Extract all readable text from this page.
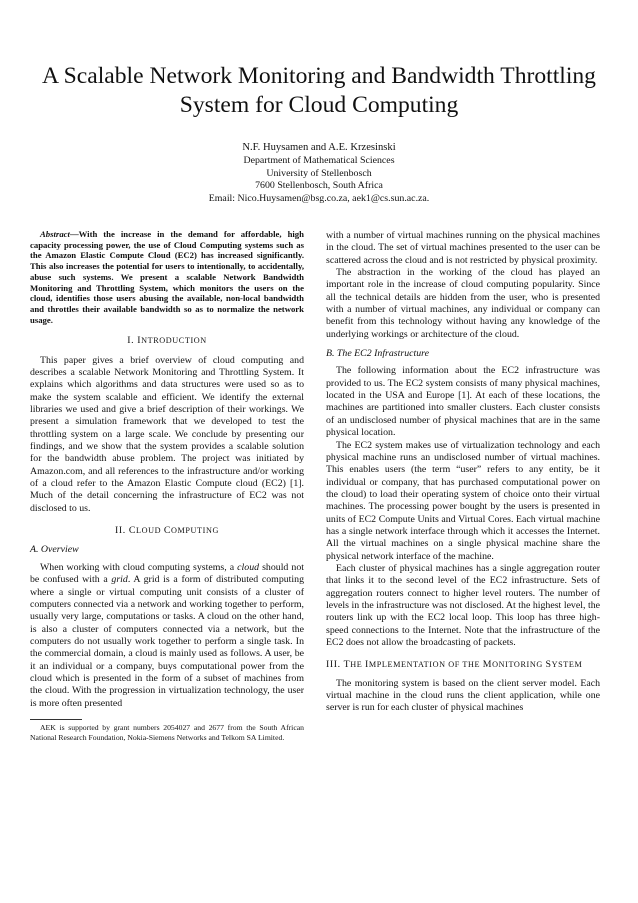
A Scalable Network Monitoring and Bandwidth Throttling System for Cloud Computing
N.F. Huysamen and A.E. Krzesinski
Department of Mathematical Sciences
University of Stellenbosch
7600 Stellenbosch, South Africa
Email: Nico.Huysamen@bsg.co.za, aek1@cs.sun.ac.za.

Abstract—With the increase in the demand for affordable, high capacity processing power, the use of Cloud Computing systems such as the Amazon Elastic Compute Cloud (EC2) has increased significantly. This also increases the potential for users to intentionally, to accidentally, abuse such systems. We present a scalable Network Bandwidth Monitoring and Throttling System, which monitors the users on the cloud, identifies those users abusing the available, non-local bandwidth and throttles their available bandwidth so as to normalize the network usage.

I. INTRODUCTION

This paper gives a brief overview of cloud computing and describes a scalable Network Monitoring and Throttling System. It explains which algorithms and data structures were used so as to make the system scalable and efficient. We identify the external libraries we used and give a brief description of their workings. We present a simulation framework that we developed to test the throttling system on a large scale. We conclude by presenting our findings, and we show that the system provides a scalable solution for the bandwidth abuse problem. The project was initiated by Amazon.com, and all references to the infrastructure and/or working of a cloud refer to the Amazon Elastic Compute cloud (EC2) [1]. Much of the detail concerning the infrastructure of EC2 was not disclosed to us.

II. CLOUD COMPUTING
A. Overview

When working with cloud computing systems, a cloud should not be confused with a grid. A grid is a form of distributed computing where a single or virtual computing unit consists of a cluster of computers connected via a network and working together to perform, usually very large, computations or tasks. A cloud on the other hand, is also a cluster of computers connected via a network, but the computers do not usually work together to perform a single task. In the commercial domain, a cloud is mainly used as follows. A user, be it an individual or a company, buys computational power from the cloud which is presented in the form of a subset of machines from the cloud. With the progression in virtualization technology, the user is more often presented

AEK is supported by grant numbers 2054027 and 2677 from the South African National Research Foundation, Nokia-Siemens Networks and Telkom SA Limited.

with a number of virtual machines running on the physical machines in the cloud. The set of virtual machines presented to the user can be scattered across the cloud and is not restricted by physical proximity.

The abstraction in the working of the cloud has played an important role in the increase of cloud computing popularity. Since all the technical details are hidden from the user, who is presented with a number of virtual machines, any individual or company can benefit from this technology without having any knowledge of the underlying workings or architecture of the cloud.

B. The EC2 Infrastructure

The following information about the EC2 infrastructure was provided to us. The EC2 system consists of many physical machines, located in the USA and Europe [1]. At each of these locations, the machines are partitioned into smaller clusters. Each cluster consists of an undisclosed number of physical machines that are in the same physical location.

The EC2 system makes use of virtualization technology and each physical machine runs an undisclosed number of virtual machines. This enables users (the term “user” refers to any entity, be it individual or company, that has purchased computational power on the cloud) to load their operating system of choice onto their virtual machines. The processing power bought by the users is presented in units of EC2 Compute Units and Virtual Cores. Each virtual machine has a single network interface through which it accesses the Internet. All the virtual machines on a single physical machine share the physical network interface of the machine.

Each cluster of physical machines has a single aggregation router that links it to the second level of the EC2 infrastructure. Sets of aggregation routers connect to higher level routers. The number of levels in the infrastructure was not disclosed. At the highest level, the routers link up with the EC2 local loop. This loop has three high-speed connections to the Internet. Note that the infrastructure of the EC2 does not allow the broadcasting of packets.

III. THE IMPLEMENTATION OF THE MONITORING SYSTEM

The monitoring system is based on the client server model. Each virtual machine in the cloud runs the client application, while one server is run for each cluster of physical machines
